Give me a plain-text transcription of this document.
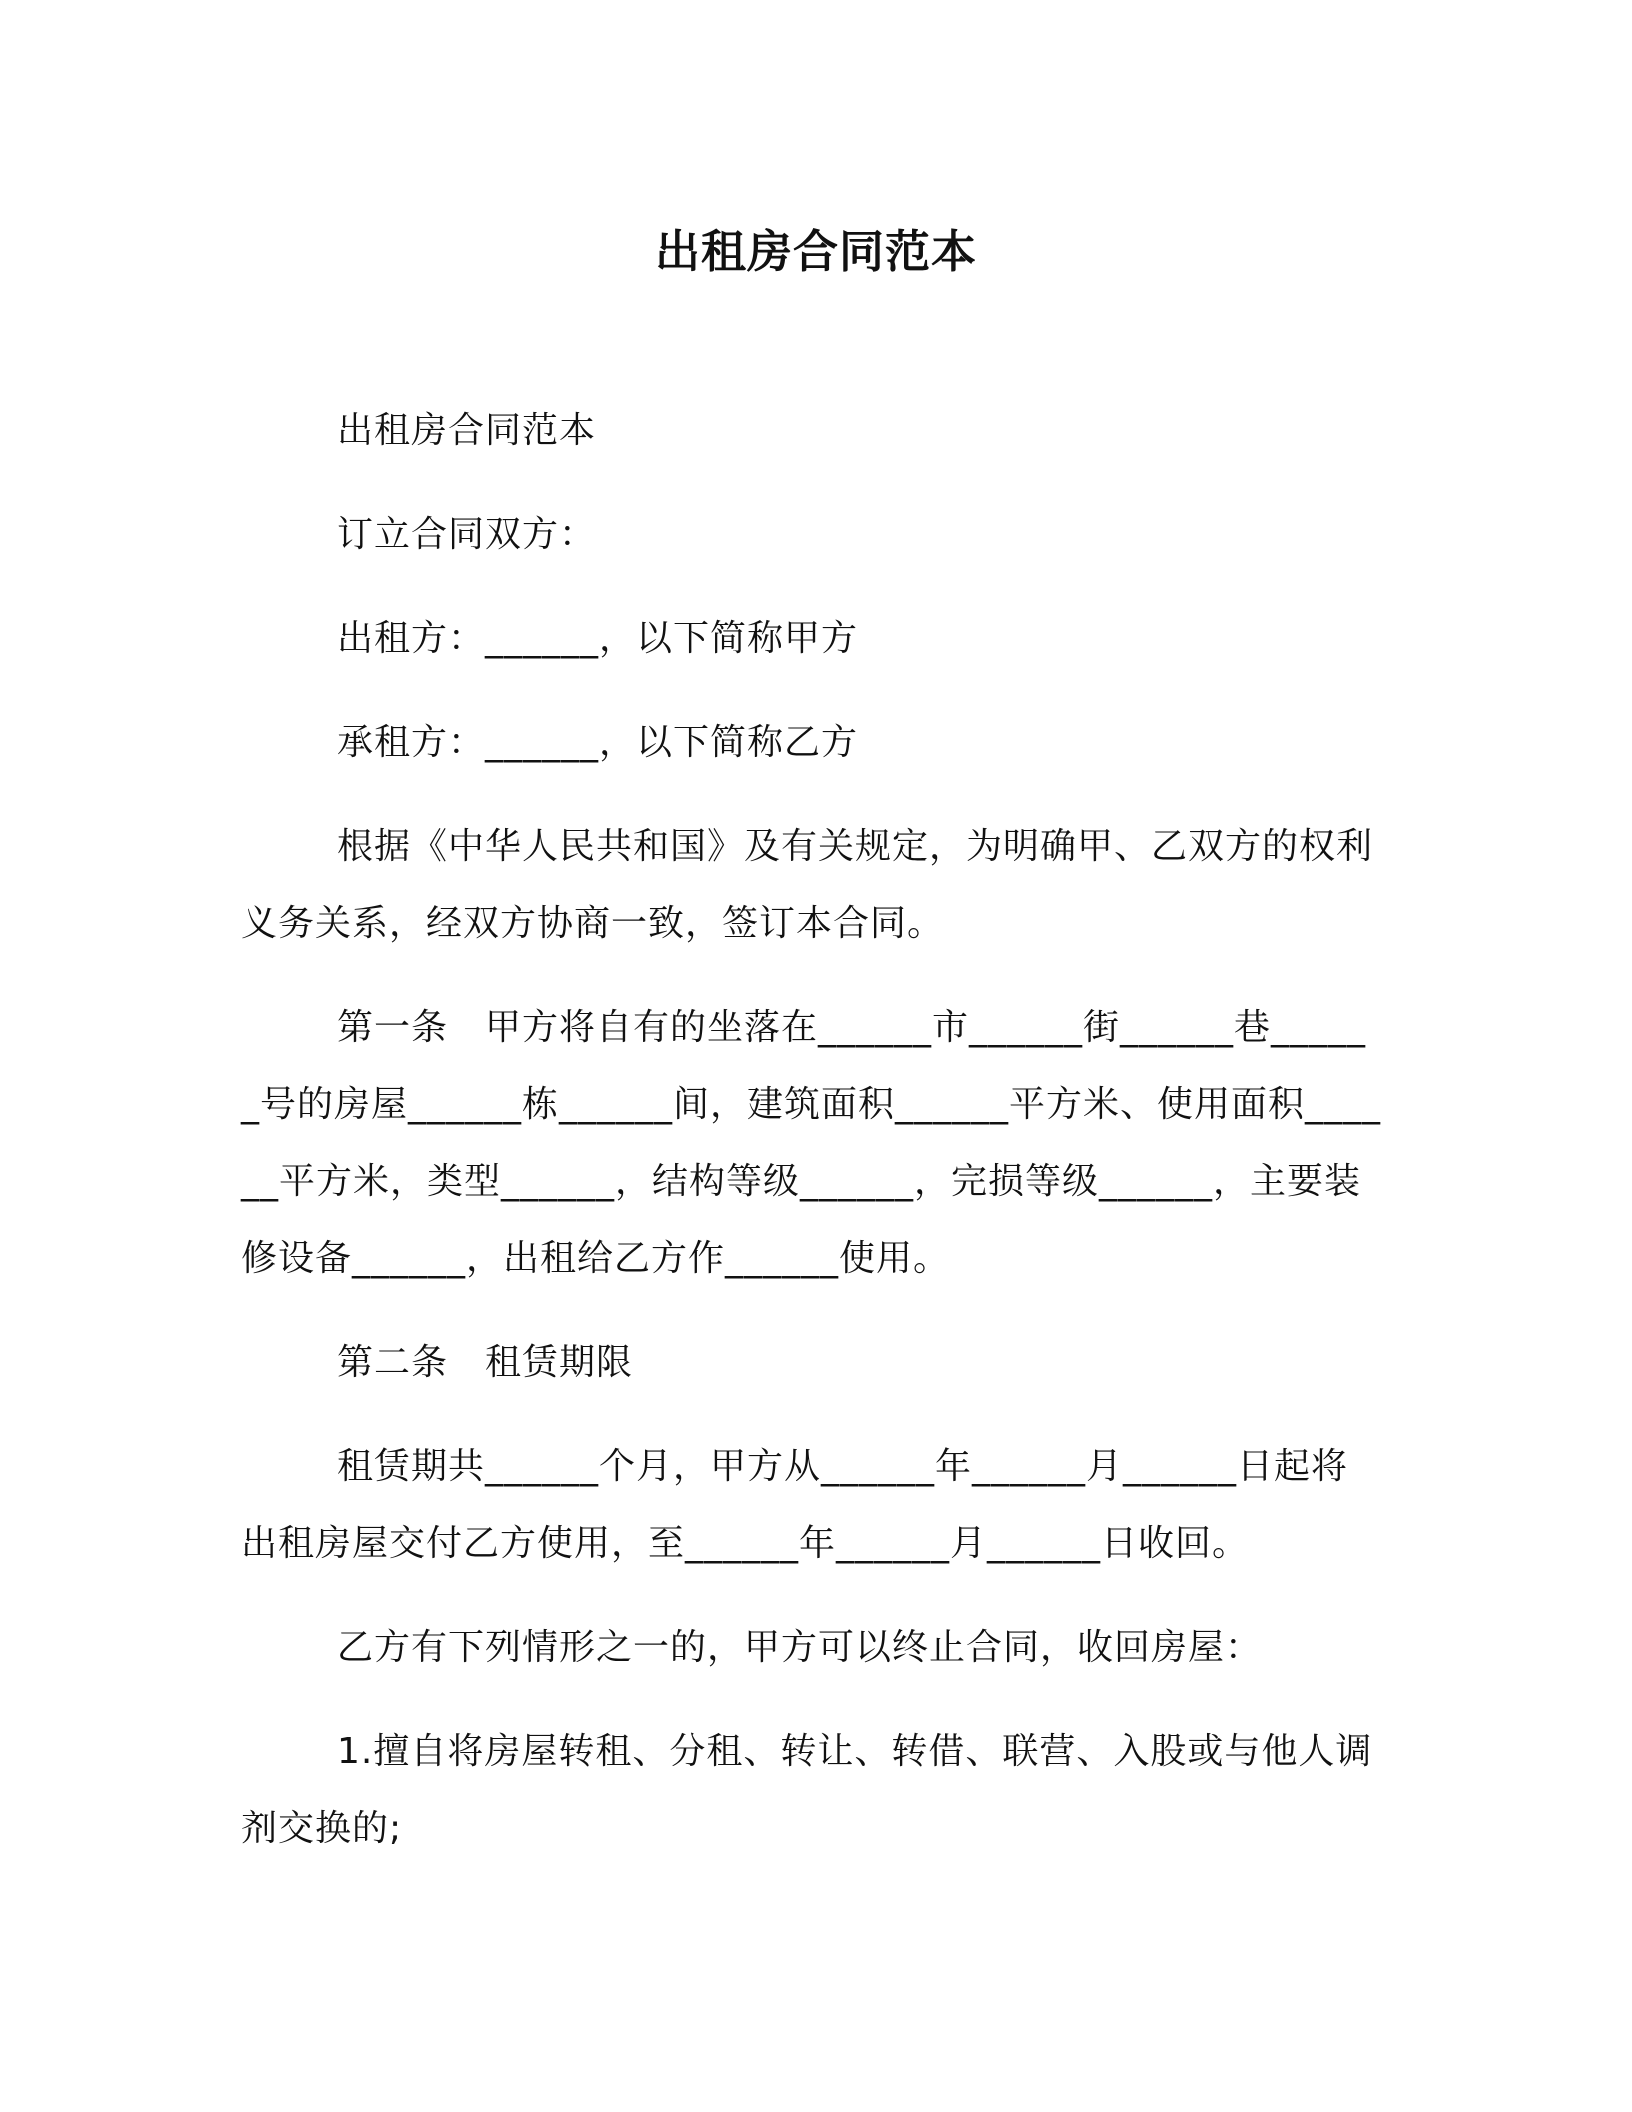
出租房合同范本

出租房合同范本

订立合同双方：

出租方：______，以下简称甲方

承租方：______，以下简称乙方

根据《中华人民共和国》及有关规定，为明确甲、乙双方的权利义务关系，经双方协商一致，签订本合同。

第一条　甲方将自有的坐落在______市______街______巷______号的房屋______栋______间，建筑面积______平方米、使用面积______平方米，类型______，结构等级______，完损等级______，主要装修设备______，出租给乙方作______使用。

第二条　租赁期限

租赁期共______个月，甲方从______年______月______日起将出租房屋交付乙方使用，至______年______月______日收回。

乙方有下列情形之一的，甲方可以终止合同，收回房屋：

1.擅自将房屋转租、分租、转让、转借、联营、入股或与他人调剂交换的;
